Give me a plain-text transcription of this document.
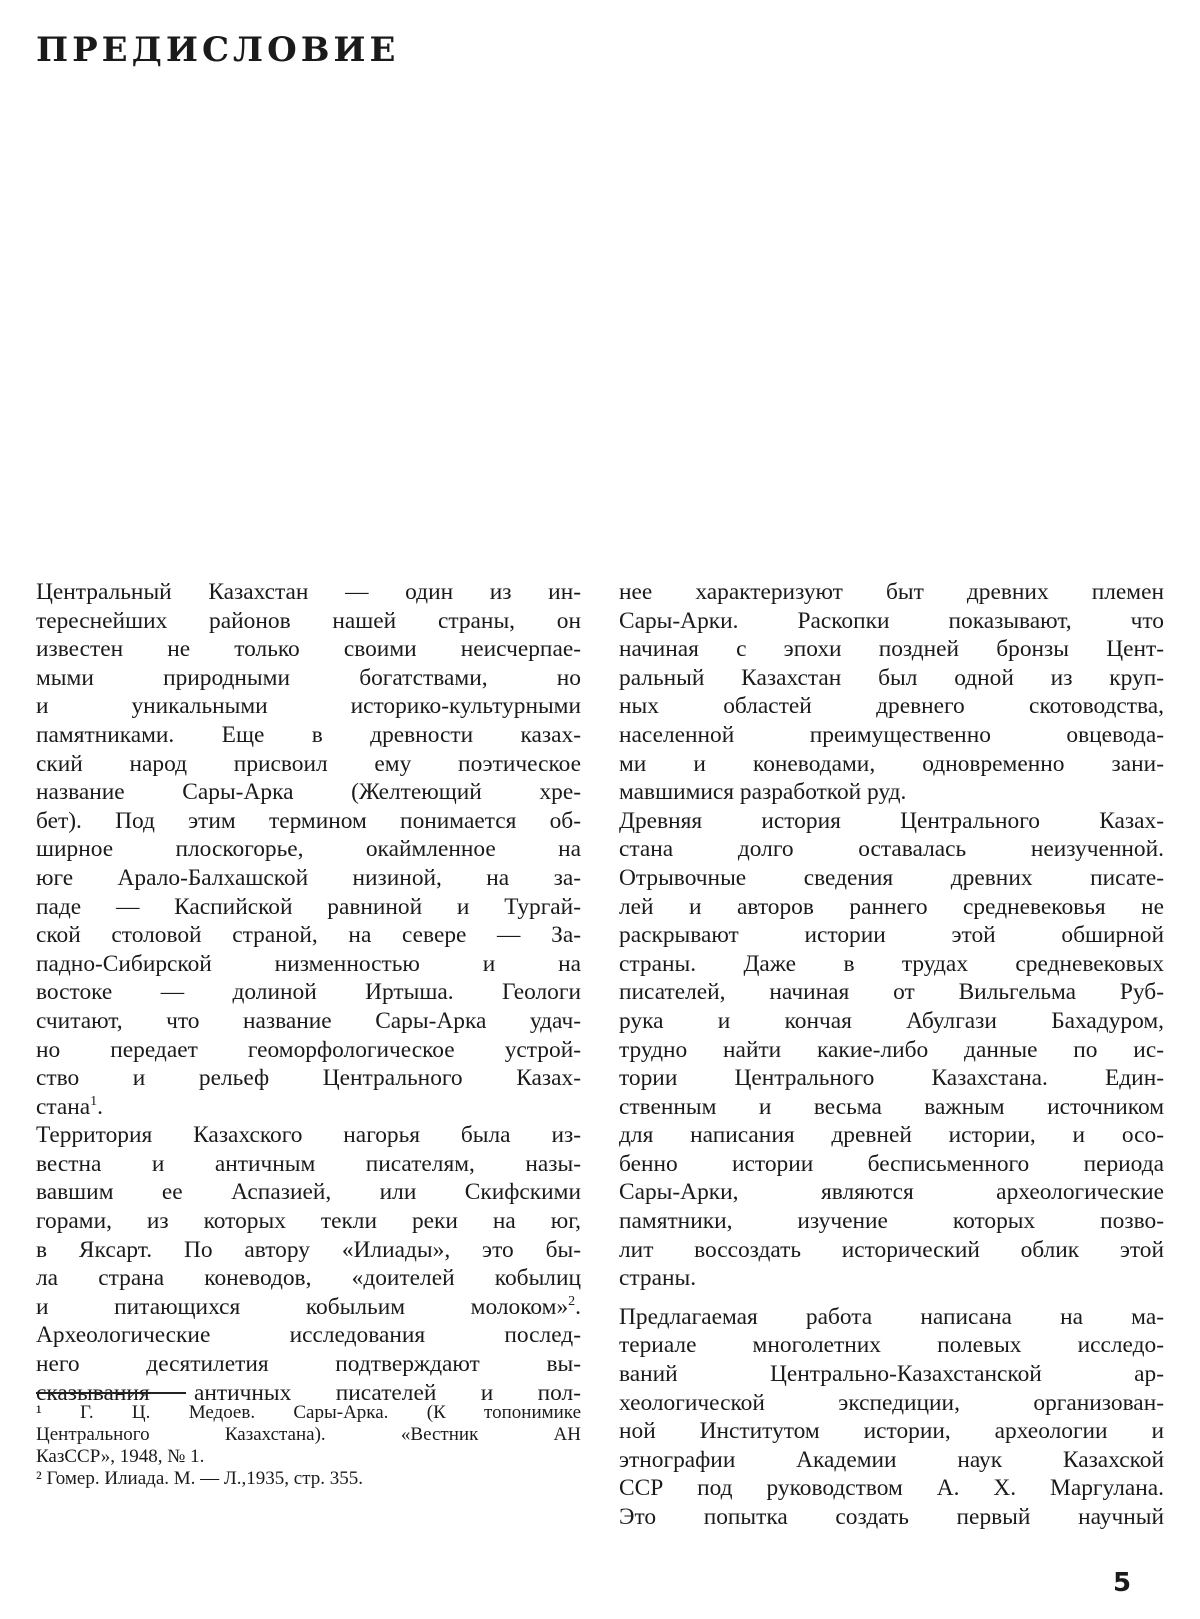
ПРЕДИСЛОВИЕ
Центральный Казахстан — один из ин-
тереснейших районов нашей страны, он
известен не только своими неисчерпае-
мыми природными богатствами, но
и уникальными историко-культурными
памятниками. Еще в древности казах-
ский народ присвоил ему поэтическое
название Сары-Арка (Желтеющий хре-
бет). Под этим термином понимается об-
ширное плоскогорье, окаймленное на
юге Арало-Балхашской низиной, на за-
паде — Каспийской равниной и Тургай-
ской столовой страной, на севере — За-
падно-Сибирской низменностью и на
востоке — долиной Иртыша. Геологи
считают, что название Сары-Арка удач-
но передает геоморфологическое устрой-
ство и рельеф Центрального Казах-
стана$^1$.
Территория Казахского нагорья была из-
вестна и античным писателям, назы-
вавшим ее Аспазией, или Скифскими
горами, из которых текли реки на юг,
в Яксарт. По автору «Илиады», это бы-
ла страна коневодов, «доителей кобылиц
и питающихся кобыльим молоком»$^2$.
Археологические исследования послед-
него десятилетия подтверждают вы-
сказывания античных писателей и пол-
¹ Г. Ц. Медоев. Сары-Арка. (К топонимике
Центрального Казахстана). «Вестник АН
КазССР», 1948, № 1.
² Гомер. Илиада. М. — Л.,1935, стр. 355.
нее характеризуют быт древних племен
Сары-Арки. Раскопки показывают, что
начиная с эпохи поздней бронзы Цент-
ральный Казахстан был одной из круп-
ных областей древнего скотоводства,
населенной преимущественно овцевода-
ми и коневодами, одновременно зани-
мавшимися разработкой руд.
Древняя история Центрального Казах-
стана долго оставалась неизученной.
Отрывочные сведения древних писате-
лей и авторов раннего средневековья не
раскрывают истории этой обширной
страны. Даже в трудах средневековых
писателей, начиная от Вильгельма Руб-
рука и кончая Абулгази Бахадуром,
трудно найти какие-либо данные по ис-
тории Центрального Казахстана. Един-
ственным и весьма важным источником
для написания древней истории, и осо-
бенно истории бесписьменного периода
Сары-Арки, являются археологические
памятники, изучение которых позво-
лит воссоздать исторический облик этой
страны.
Предлагаемая работа написана на ма-
териале многолетних полевых исследо-
ваний Центрально-Казахстанской ар-
хеологической экспедиции, организован-
ной Институтом истории, археологии и
этнографии Академии наук Казахской
ССР под руководством А. Х. Маргулана.
Это попытка создать первый научный
5
